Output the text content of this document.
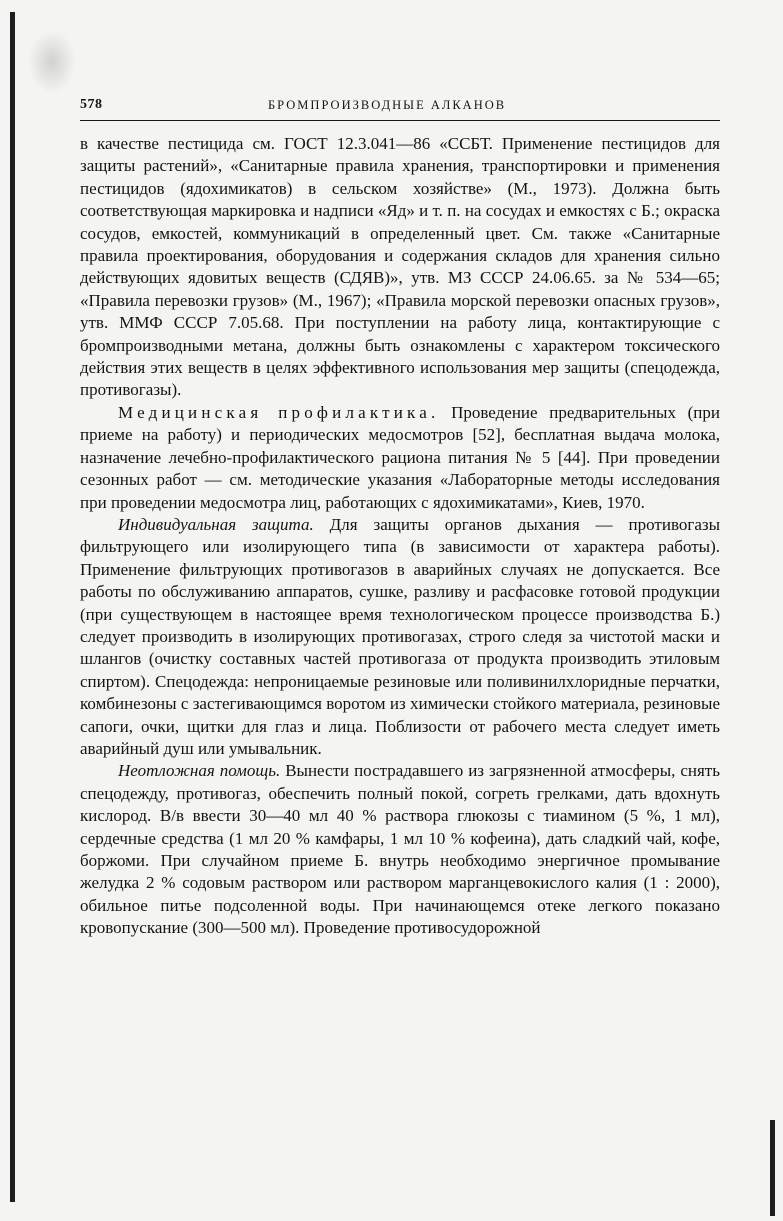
578	БРОМПРОИЗВОДНЫЕ АЛКАНОВ

в качестве пестицида см. ГОСТ 12.3.041—86 «ССБТ. Применение пестицидов для защиты растений», «Санитарные правила хранения, транспортировки и применения пестицидов (ядохимикатов) в сельском хозяйстве» (М., 1973). Должна быть соответствующая маркировка и надписи «Яд» и т. п. на сосудах и емкостях с Б.; окраска сосудов, емкостей, коммуникаций в определенный цвет. См. также «Санитарные правила проектирования, оборудования и содержания складов для хранения сильно действующих ядовитых веществ (СДЯВ)», утв. МЗ СССР 24.06.65. за № 534—65; «Правила перевозки грузов» (М., 1967); «Правила морской перевозки опасных грузов», утв. ММФ СССР 7.05.68. При поступлении на работу лица, контактирующие с бромпроизводными метана, должны быть ознакомлены с характером токсического действия этих веществ в целях эффективного использования мер защиты (спецодежда, противогазы).

Медицинская профилактика. Проведение предварительных (при приеме на работу) и периодических медосмотров [52], бесплатная выдача молока, назначение лечебно-профилактического рациона питания № 5 [44]. При проведении сезонных работ — см. методические указания «Лабораторные методы исследования при проведении медосмотра лиц, работающих с ядохимикатами», Киев, 1970.

Индивидуальная защита. Для защиты органов дыхания — противогазы фильтрующего или изолирующего типа (в зависимости от характера работы). Применение фильтрующих противогазов в аварийных случаях не допускается. Все работы по обслуживанию аппаратов, сушке, разливу и расфасовке готовой продукции (при существующем в настоящее время технологическом процессе производства Б.) следует производить в изолирующих противогазах, строго следя за чистотой маски и шлангов (очистку составных частей противогаза от продукта производить этиловым спиртом). Спецодежда: непроницаемые резиновые или поливинилхлоридные перчатки, комбинезоны с застегивающимся воротом из химически стойкого материала, резиновые сапоги, очки, щитки для глаз и лица. Поблизости от рабочего места следует иметь аварийный душ или умывальник.

Неотложная помощь. Вынести пострадавшего из загрязненной атмосферы, снять спецодежду, противогаз, обеспечить полный покой, согреть грелками, дать вдохнуть кислород. В/в ввести 30—40 мл 40 % раствора глюкозы с тиамином (5 %, 1 мл), сердечные средства (1 мл 20 % камфары, 1 мл 10 % кофеина), дать сладкий чай, кофе, боржоми. При случайном приеме Б. внутрь необходимо энергичное промывание желудка 2 % содовым раствором или раствором марганцевокислого калия (1 : 2000), обильное питье подсоленной воды. При начинающемся отеке легкого показано кровопускание (300—500 мл). Проведение противосудорожной
